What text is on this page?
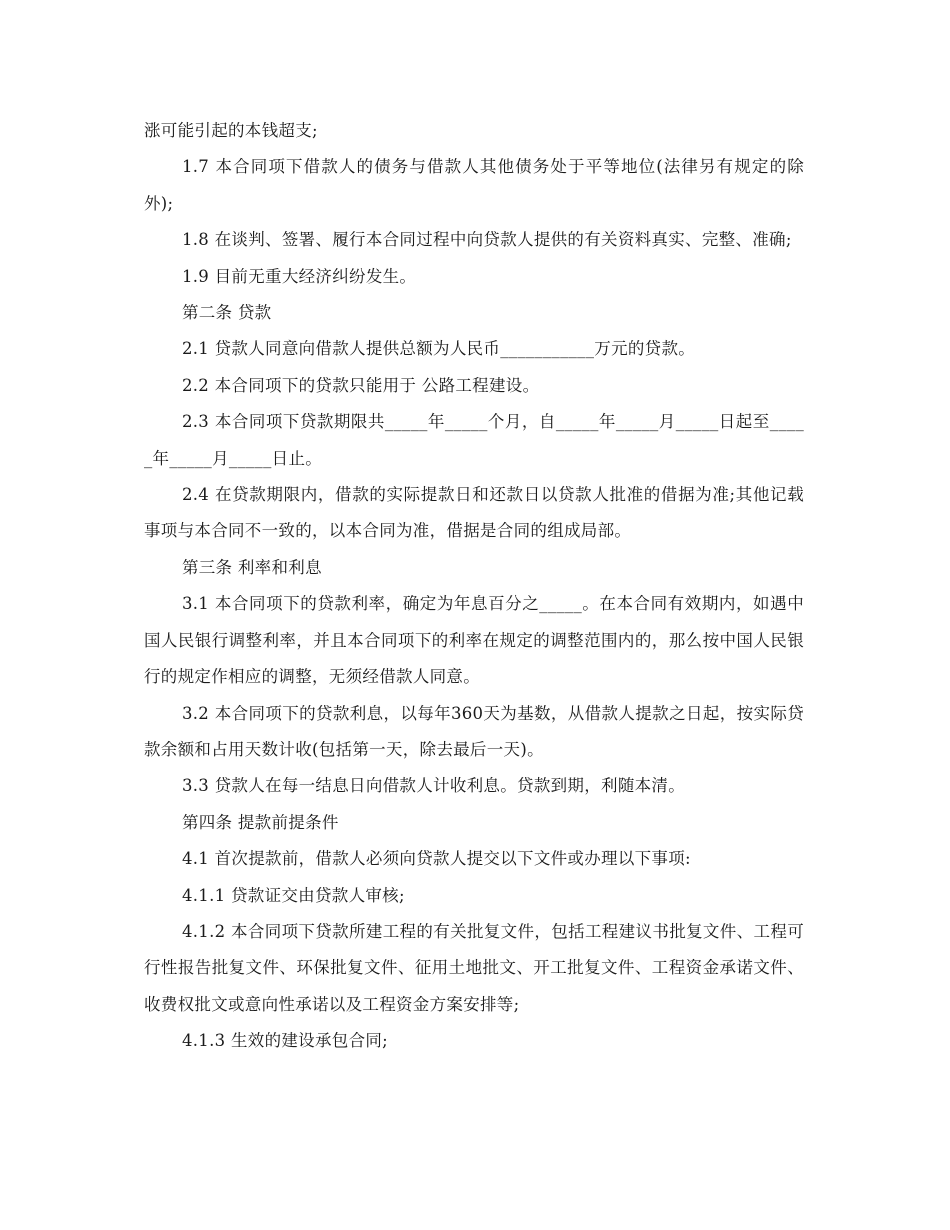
涨可能引起的本钱超支;

1.7 本合同项下借款人的债务与借款人其他债务处于平等地位(法律另有规定的除外);

1.8 在谈判、签署、履行本合同过程中向贷款人提供的有关资料真实、完整、准确;

1.9 目前无重大经济纠纷发生。

第二条 贷款

2.1 贷款人同意向借款人提供总额为人民币___________万元的贷款。

2.2 本合同项下的贷款只能用于 公路工程建设。

2.3 本合同项下贷款期限共_____年_____个月，自_____年_____月_____日起至_____年_____月_____日止。

2.4 在贷款期限内，借款的实际提款日和还款日以贷款人批准的借据为准;其他记载事项与本合同不一致的，以本合同为准，借据是合同的组成局部。

第三条 利率和利息

3.1 本合同项下的贷款利率，确定为年息百分之_____。在本合同有效期内，如遇中国人民银行调整利率，并且本合同项下的利率在规定的调整范围内的，那么按中国人民银行的规定作相应的调整，无须经借款人同意。

3.2 本合同项下的贷款利息，以每年360天为基数，从借款人提款之日起，按实际贷款余额和占用天数计收(包括第一天，除去最后一天)。

3.3 贷款人在每一结息日向借款人计收利息。贷款到期，利随本清。

第四条 提款前提条件

4.1 首次提款前，借款人必须向贷款人提交以下文件或办理以下事项:

4.1.1 贷款证交由贷款人审核;

4.1.2 本合同项下贷款所建工程的有关批复文件，包括工程建议书批复文件、工程可行性报告批复文件、环保批复文件、征用土地批文、开工批复文件、工程资金承诺文件、收费权批文或意向性承诺以及工程资金方案安排等;

4.1.3 生效的建设承包合同;
